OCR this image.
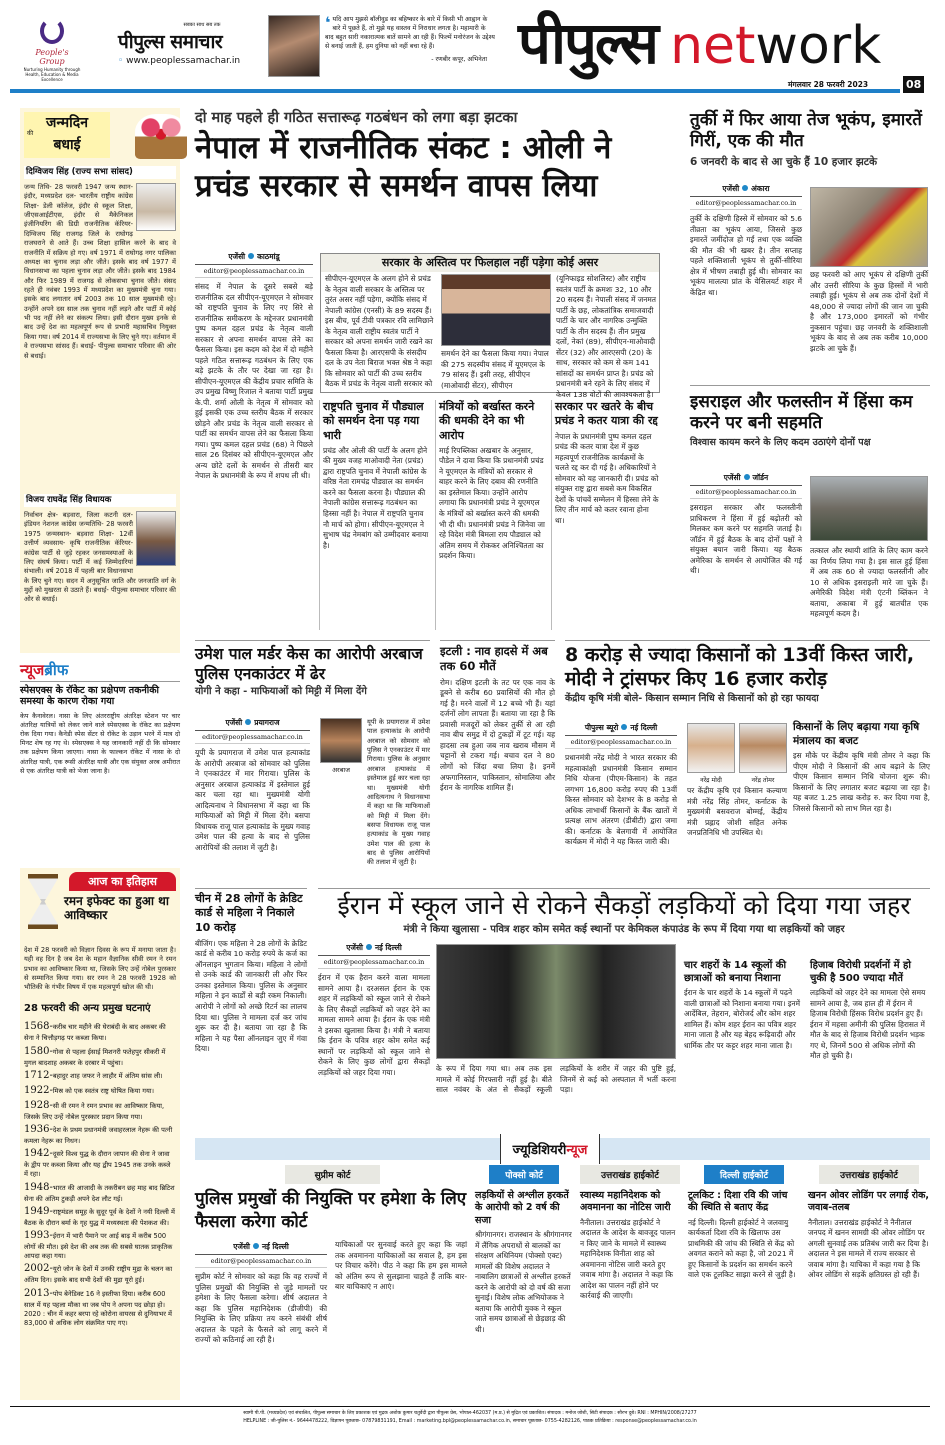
People's Group
Nurturing Humanity through Health, Education & Media Excellence
सबका साथ सब तक
पीपुल्स समाचार
◦ www.peoplessamachar.in
❛ यदि आप मुझसे बॉलीवुड का बहिष्कार के बारे में किसी भी आह्वान के बारे में पूछते हैं, तो मुझे यह वास्तव में निराधार लगता है। महामारी के बाद बहुत सारी नकारात्मक बातें सामने आ रही हैं। फिल्में मनोरंजन के उद्देश्य से बनाई जाती हैं, हम दुनिया को नहीं बचा रहे हैं।
- रणबीर कपूर, अभिनेता पीपुल्स network
मंगलवार 28 फरवरी 2023	08
जन्मदिन
की
बधाई
दिग्विजय सिंह (राज्य सभा सांसद)
जन्म तिथि- 28 फरवरी 1947 जन्म स्थान- इंदौर, मध्यप्रदेश दल- भारतीय राष्ट्रीय कांग्रेस शिक्षा- डेली कॉलेज, इंदौर से स्कूल शिक्षा, जीएसआईटीएस, इंदौर से मैकेनिकल इंजीनियरिंग की डिग्री राजनीतिक कॅरियर- दिग्विजय सिंह राजगढ़ जिले के राघोगढ़ राजघराने से आते हैं। उच्च शिक्षा हासिल करने के बाद वे राजनीति में सक्रिय हो गए। वर्ष 1971 में राघोगढ़ नगर पालिका अध्यक्ष का चुनाव लड़ा और जीते। इसके बाद वर्ष 1977 में विधानसभा का पहला चुनाव लड़ा और जीते। इसके बाद 1984 और फिर 1989 में राजगढ़ से लोकसभा चुनाव जीते। संसद रहते ही नवंबर 1993 में मध्यप्रदेश का मुख्यमंत्री चुना गया। इसके बाद लगातार वर्ष 2003 तक 10 साल मुख्यमंत्री रहे। उन्होंने अपने दस साल तक चुनाव नहीं लड़ने और पार्टी में कोई भी पद नहीं लेने का संकल्प लिया। इसी दौरान मुख्य इनके से बाद उन्हें देश का महत्वपूर्ण रूप से प्रभारी महासचिव नियुक्त किया गया। वर्ष 2014 में राज्यसभा के लिए चुने गए। वर्तमान में वे राज्यसभा सांसद हैं। बधाई- पीपुल्स समाचार परिवार की ओर से बधाई।
विजय राघवेंद्र सिंह विधायक
निर्वाचन क्षेत्र- बड़वारा, जिला कटनी दल- इंडियन नेशनल कांग्रेस जन्मतिथि- 28 फरवरी 1975 जन्मस्थान- बड़वारा शिक्षा- 12वीं उत्तीर्ण व्यवसाय- कृषि राजनीतिक कॅरियर- कांग्रेस पार्टी से जुड़े रहकर जनसमस्याओं के लिए संघर्ष किया। पार्टी में कई जिम्मेदारियां संभाली। वर्ष 2018 में पहली बार विधानसभा के लिए चुने गए। सदन में अनुसूचित जाति और जनजाति वर्ग के मुद्दों को मुखरता से उठाते हैं। बधाई- पीपुल्स समाचार परिवार की ओर से बधाई।
न्यूजब्रीफ
स्पेसएक्स के रॉकेट का प्रक्षेपण तकनीकी समस्या के कारण रोका गया
केप कैनावेरल। नासा के लिए अंतरराष्ट्रीय अंतरिक्ष स्टेशन पर चार अंतरिक्ष यात्रियों को लेकर जाने वाले स्पेसएक्स के रॉकेट का प्रक्षेपण रोक दिया गया। कैनेडी स्पेस सेंटर से रॉकेट के उड़ान भरने में मात्र दो मिनट शेष रह गए थे। स्पेसएक्स ने यह जानकारी नहीं दी कि सोमवार तक प्रक्षेपण किया जाएगा। नासा के फाल्कन रॉकेट में नासा के दो अंतरिक्ष यात्री, एक रूसी अंतरिक्ष यात्री और एक संयुक्त अरब अमीरात से एक अंतरिक्ष यात्री को भेजा जाना है।
आज का इतिहास
रमन इफेक्ट का हुआ था आविष्कार
देश में 28 फरवरी को विज्ञान दिवस के रूप में मनाया जाता है। यही वह दिन है जब देश के महान वैज्ञानिक सीवी रमन ने रमन प्रभाव का आविष्कार किया था, जिसके लिए उन्हें नोबेल पुरस्कार से सम्मानित किया गया। सर रमन ने 28 फरवरी 1928 को भौतिकी के गंभीर विषय में एक महत्वपूर्ण खोज की थी।
28 फरवरी की अन्य प्रमुख घटनाएं
1568-करीब चार महीने की घेराबंदी के बाद अकबर की सेना ने चित्तौड़गढ़ पर कब्जा किया।
1580-गोवा से पहला ईसाई मिशनरी फतेहपुर सीकरी में मुगल बादशाह अकबर के दरबार में पहुंचा।
1712-बहादुर शाह जफर ने लाहौर में अंतिम सांस ली।
1922-मिस्र को एक स्वतंत्र राष्ट्र घोषित किया गया।
1928-सी वी रमन ने रमन प्रभाव का आविष्कार किया, जिसके लिए उन्हें नोबेल पुरस्कार प्रदान किया गया।
1936-देश के प्रथम प्रधानमंत्री जवाहरलाल नेहरू की पत्नी कमला नेहरू का निधन।
1942-दूसरे विश्व युद्ध के दौरान जापान की सेना ने जावा के द्वीप पर कब्जा किया और यह द्वीप 1945 तक उनके कब्जे में रहा।
1948-भारत की आजादी के तकरीबन छह माह बाद ब्रिटिश सेना की अंतिम टुकड़ी अपने देश लौट गई।
1949-राष्ट्रमंडल समूह के सुदूर पूर्व के देशों ने नयी दिल्ली में बैठक के दौरान बर्मा के गृह युद्ध में मध्यस्थता की पेशकश की।
1993-ईरान में भारी पैमाने पर आई बाढ़ में करीब 500 लोगों की मौत। इसे देश की अब तक की सबसे घातक प्राकृतिक आपदा कहा गया।
2002-यूरो जोन के देशों में उनकी राष्ट्रीय मुद्रा के चलन का अंतिम दिन। इसके बाद सभी देशों की मुद्रा यूरो हुई।
2013-पोप बेनेडिक्ट 16 ने इस्तीफा दिया। करीब 600 साल में यह पहला मौका था जब पोप ने अपना पद छोड़ा हो। 2020 : चीन में कहर बरपा रहे कोरोना वायरस से दुनियाभर में 83,000 से अधिक लोग संक्रमित पाए गए।
दो माह पहले ही गठित सत्तारूढ़ गठबंधन को लगा बड़ा झटका
नेपाल में राजनीतिक संकट : ओली ने प्रचंड सरकार से समर्थन वापस लिया
एजेंसी काठमांडू
editor@peoplessamachar.co.in
संसद में नेपाल के दूसरे सबसे बड़े राजनीतिक दल सीपीएन-यूएमएल ने सोमवार को राष्ट्रपति चुनाव के लिए नए सिरे से राजनीतिक समीकरण के मद्देनजर प्रधानमंत्री पुष्प कमल दहल प्रचंड के नेतृत्व वाली सरकार से अपना समर्थन वापस लेने का फैसला किया। इस कदम को देश में दो महीने पहले गठित सत्तारूढ़ गठबंधन के लिए एक बड़े झटके के तौर पर देखा जा रहा है। सीपीएन-यूएमएल की केंद्रीय प्रचार समिति के उप प्रमुख विष्णु रिजाल ने बताया पार्टी प्रमुख के.पी. शर्मा ओली के नेतृत्व में सोमवार को हुई इसकी एक उच्च स्तरीय बैठक में सरकार छोड़ने और प्रचंड के नेतृत्व वाली सरकार से पार्टी का समर्थन वापस लेने का फैसला किया गया। पुष्प कमल दहल प्रचंड (68) ने पिछले साल 26 दिसंबर को सीपीएन-यूएमएल और अन्य छोटे दलों के समर्थन से तीसरी बार नेपाल के प्रधानमंत्री के रूप में शपथ ली थी।
सरकार के अस्तित्व पर फिलहाल नहीं पड़ेगा कोई असर
सीपीएन-यूएमएल के अलग होने से प्रचंड के नेतृत्व वाली सरकार के अस्तित्व पर तुरंत असर नहीं पड़ेगा, क्योंकि संसद में नेपाली कांग्रेस (एनसी) के 89 सदस्य हैं। इस बीच, पूर्व टीवी पत्रकार रवि लामिछाने के नेतृत्व वाली राष्ट्रीय स्वतंत्र पार्टी ने सरकार को अपना समर्थन जारी रखने का फैसला किया है। आरएसपी के संसदीय दल के उप नेता बिराज भक्त श्रेष्ठ ने कहा कि सोमवार को पार्टी की उच्च स्तरीय बैठक में प्रचंड के नेतृत्व वाली सरकार को
समर्थन देने का फैसला किया गया। नेपाल की 275 सदस्यीय संसद में यूएमएल के 79 सांसद हैं। इसी तरह, सीपीएन (माओवादी सेंटर), सीपीएन
(यूनिफाइड सोशलिस्ट) और राष्ट्रीय स्वतंत्र पार्टी के क्रमशः 32, 10 और 20 सदस्य हैं। नेपाली संसद में जनमत पार्टी के छह, लोकतांत्रिक समाजवादी पार्टी के चार और नागरिक उन्मुक्ति पार्टी के तीन सदस्य हैं। तीन प्रमुख दलों, नेकां (89), सीपीएन-माओवादी सेंटर (32) और आरएसपी (20) के साथ, सरकार को कम से कम 141 सांसदों का समर्थन प्राप्त है। प्रचंड को प्रधानमंत्री बने रहने के लिए संसद में केवल 138 वोटों की आवश्यकता है।
राष्ट्रपति चुनाव में पौड्याल को समर्थन देना पड़ गया भारी
प्रचंड और ओली की पार्टी के अलग होने की मुख्य वजह माओवादी नेता (प्रचंड) द्वारा राष्ट्रपति चुनाव में नेपाली कांग्रेस के वरिष्ठ नेता रामचंद्र पौड्याल का समर्थन करने का फैसला करना है। पौड्याल की नेपाली कांग्रेस सत्तारूढ़ गठबंधन का हिस्सा नहीं है। नेपाल में राष्ट्रपति चुनाव नौ मार्च को होगा। सीपीएन-यूएमएल ने सुभाष चंद्र नेमबांग को उम्मीदवार बनाया है।
मंत्रियों को बर्खास्त करने की धमकी देने का भी आरोप
माई रिपब्लिका अखबार के अनुसार, पौडेल ने दावा किया कि प्रधानमंत्री प्रचंड ने यूएमएल के मंत्रियों को सरकार से बाहर करने के लिए दबाव की रणनीति का इस्तेमाल किया। उन्होंने आरोप लगाया कि प्रधानमंत्री प्रचंड ने यूएमएल के मंत्रियों को बर्खास्त करने की धमकी भी दी थी। प्रधानमंत्री प्रचंड ने जिनेवा जा रहे विदेश मंत्री बिमला राय पौड्याल को अंतिम समय में रोककर अनिश्चितता का प्रदर्शन किया।
सरकार पर खतरे के बीच प्रचंड ने कतर यात्रा की रद्द
नेपाल के प्रधानमंत्री पुष्प कमल दहल प्रचंड की कतर यात्रा देश में कुछ महत्वपूर्ण राजनीतिक कार्यक्रमों के चलते रद्द कर दी गई है। अधिकारियों ने सोमवार को यह जानकारी दी। प्रचंड को संयुक्त राष्ट्र द्वारा सबसे कम विकसित देशों के पांचवें सम्मेलन में हिस्सा लेने के लिए तीन मार्च को कतर रवाना होना था।
तुर्की में फिर आया तेज भूकंप, इमारतें गिरीं, एक की मौत
6 जनवरी के बाद से आ चुके हैं 10 हजार झटके
एजेंसी अंकारा
editor@peoplessamachar.co.in
तुर्की के दक्षिणी हिस्से में सोमवार को 5.6 तीव्रता का भूकंप आया, जिससे कुछ इमारतें जमींदोज हो गईं तथा एक व्यक्ति की मौत की भी खबर है। तीन सप्ताह पहले शक्तिशाली भूकंप से तुर्की-सीरिया क्षेत्र में भीषण तबाही हुई थी। सोमवार का भूकंप मालत्या प्रांत के येसिलयर्ट शहर में केंद्रित था।
छह फरवरी को आए भूकंप से दक्षिणी तुर्की और उत्तरी सीरिया के कुछ हिस्सों में भारी तबाही हुई। भूकंप से अब तक दोनों देशों में 48,000 से ज्यादा लोगों की जान जा चुकी है और 173,000 इमारतों को गंभीर नुकसान पहुंचा। छह जनवरी के शक्तिशाली भूकंप के बाद से अब तक करीब 10,000 झटके आ चुके हैं।
इसराइल और फलस्तीन में हिंसा कम करने पर बनी सहमति
विश्वास कायम करने के लिए कदम उठाएंगे दोनों पक्ष
एजेंसी जॉर्डन
editor@peoplessamachar.co.in
इसराइल सरकार और फलस्तीनी प्राधिकरण ने हिंसा में हुई बढ़ोतरी को मिलकर कम करने पर सहमति जताई है। जॉर्डन में हुई बैठक के बाद दोनों पक्षों ने संयुक्त बयान जारी किया। यह बैठक अमेरिका के समर्थन से आयोजित की गई थी।
तत्काल और स्थायी शांति के लिए काम करने का निर्णय लिया गया है। इस साल हुई हिंसा में अब तक 60 से ज्यादा फलस्तीनी और 10 से अधिक इसराइली मारे जा चुके हैं। अमेरिकी विदेश मंत्री एंटनी ब्लिंकन ने बताया, अकाबा में हुई बातचीत एक महत्वपूर्ण कदम है।
उमेश पाल मर्डर केस का आरोपी अरबाज पुलिस एनकाउंटर में ढेर
योगी ने कहा - माफियाओं को मिट्टी में मिला देंगे
एजेंसी प्रयागराज
editor@peoplessamachar.co.in
यूपी के प्रयागराज में उमेश पाल हत्याकांड के आरोपी अरबाज को सोमवार को पुलिस ने एनकाउंटर में मार गिराया। पुलिस के अनुसार अरबाज हत्याकांड में इस्तेमाल हुई कार चला रहा था। मुख्यमंत्री योगी आदित्यनाथ ने विधानसभा में कहा था कि माफियाओं को मिट्टी में मिला देंगे। बसपा विधायक राजू पाल हत्याकांड के मुख्य गवाह उमेश पाल की हत्या के बाद से पुलिस आरोपियों की तलाश में जुटी है।
अरबाज
यूपी के प्रयागराज में उमेश पाल हत्याकांड के आरोपी अरबाज को सोमवार को पुलिस ने एनकाउंटर में मार गिराया। पुलिस के अनुसार अरबाज हत्याकांड में इस्तेमाल हुई कार चला रहा था। मुख्यमंत्री योगी आदित्यनाथ ने विधानसभा में कहा था कि माफियाओं को मिट्टी में मिला देंगे। बसपा विधायक राजू पाल हत्याकांड के मुख्य गवाह उमेश पाल की हत्या के बाद से पुलिस आरोपियों की तलाश में जुटी है।
इटली : नाव हादसे में अब तक 60 मौतें
रोम। दक्षिण इटली के तट पर एक नाव के डूबने से करीब 60 प्रवासियों की मौत हो गई है। मरने वालों में 12 बच्चे भी हैं। यहां दर्जनों लोग लापता हैं। बताया जा रहा है कि प्रवासी मजदूरों को लेकर तुर्की से आ रही नाव बीच समुद्र में दो टुकड़ों में टूट गई। यह हादसा तब हुआ जब नाव खराब मौसम में चट्टानों से टकरा गई। बचाव दल ने 80 लोगों को जिंदा बचा लिया है। इनमें अफगानिस्तान, पाकिस्तान, सोमालिया और ईरान के नागरिक शामिल हैं।
8 करोड़ से ज्यादा किसानों को 13वीं किस्त जारी, मोदी ने ट्रांसफर किए 16 हजार करोड़
केंद्रीय कृषि मंत्री बोले- किसान सम्मान निधि से किसानों को हो रहा फायदा
पीपुल्स ब्यूरो नई दिल्ली
editor@peoplessamachar.co.in
प्रधानमंत्री नरेंद्र मोदी ने भारत सरकार की महत्वाकांक्षी प्रधानमंत्री किसान सम्मान निधि योजना (पीएम-किसान) के तहत लगभग 16,800 करोड़ रुपए की 13वीं किस्त सोमवार को देशभर के 8 करोड़ से अधिक लाभार्थी किसानों के बैंक खातों में प्रत्यक्ष लाभ अंतरण (डीबीटी) द्वारा जमा की। कर्नाटक के बेलगावी में आयोजित कार्यक्रम में मोदी ने यह किस्त जारी की।
नरेंद्र मोदी	नरेंद्र तोमर
पर केंद्रीय कृषि एवं किसान कल्याण मंत्री नरेंद्र सिंह तोमर, कर्नाटक के मुख्यमंत्री बसवराज बोम्मई, केंद्रीय मंत्री प्रह्लाद जोशी सहित अनेक जनप्रतिनिधि भी उपस्थित थे।
किसानों के लिए बढ़ाया गया कृषि मंत्रालय का बजट
इस मौके पर केंद्रीय कृषि मंत्री तोमर ने कहा कि पीएम मोदी ने किसानों की आय बढ़ाने के लिए पीएम किसान सम्मान निधि योजना शुरू की। किसानों के लिए लगातार बजट बढ़ाया जा रहा है। यह बजट 1.25 लाख करोड़ रु. कर दिया गया है, जिससे किसानों को लाभ मिल रहा है।
चीन में 28 लोगों के क्रेडिट कार्ड से महिला ने निकाले 10 करोड़
बीजिंग। एक महिला ने 28 लोगों के क्रेडिट कार्ड से करीब 10 करोड़ रुपये के कर्ज का ऑनलाइन भुगतान किया। महिला ने लोगों से उनके कार्ड की जानकारी ली और फिर उनका इस्तेमाल किया। पुलिस के अनुसार महिला ने इन कार्डों से बड़ी रकम निकाली। आरोपी ने लोगों को अच्छे रिटर्न का लालच दिया था। पुलिस ने मामला दर्ज कर जांच शुरू कर दी है। बताया जा रहा है कि महिला ने यह पैसा ऑनलाइन जुए में गंवा दिया।
ईरान में स्कूल जाने से रोकने सैकड़ों लड़कियों को दिया गया जहर
मंत्री ने किया खुलासा - पवित्र शहर कोम समेत कई स्थानों पर केमिकल कंपाउंड के रूप में दिया गया था लड़कियों को जहर
एजेंसी नई दिल्ली
editor@peoplessamachar.co.in
ईरान में एक हैरान करने वाला मामला सामने आया है। दरअसल ईरान के एक शहर में लड़कियों को स्कूल जाने से रोकने के लिए सैकड़ों लड़कियों को जहर देने का मामला सामने आया है। ईरान के एक मंत्री ने इसका खुलासा किया है। मंत्री ने बताया कि ईरान के पवित्र शहर कोम समेत कई स्थानों पर लड़कियों को स्कूल जाने से रोकने के लिए कुछ लोगों द्वारा सैकड़ों लड़कियों को जहर दिया गया।	के रूप में दिया गया था। अब तक इस मामले में कोई गिरफ्तारी नहीं हुई है। बीते साल नवंबर के अंत से सैकड़ों स्कूली लड़कियों के शरीर में जहर की पुष्टि हुई, जिनमें से कई को अस्पताल में भर्ती करना पड़ा।
चार शहरों के 14 स्कूलों की छात्राओं को बनाया निशाना
ईरान के चार शहरों के 14 स्कूलों में पढ़ने वाली छात्राओं को निशाना बनाया गया। इनमें आर्देबिल, तेहरान, बोरोजर्द और कोम शहर शामिल हैं। कोम शहर ईरान का पवित्र शहर माना जाता है और यह बेहद रूढ़िवादी और धार्मिक तौर पर कट्टर शहर माना जाता है।
हिजाब विरोधी प्रदर्शनों में हो चुकी है 500 ज्यादा मौतें
लड़कियों को जहर देने का मामला ऐसे समय सामने आया है, जब हाल ही में ईरान में हिजाब विरोधी हिंसक विरोध प्रदर्शन हुए हैं। ईरान में महसा अमीनी की पुलिस हिरासत में मौत के बाद से हिजाब विरोधी प्रदर्शन भड़क गए थे, जिनमें 500 से अधिक लोगों की मौत हो चुकी है।
ज्यूडिशियरीन्यूज
सुप्रीम कोर्ट
पुलिस प्रमुखों की नियुक्ति पर हमेशा के लिए फैसला करेगा कोर्ट
एजेंसी नई दिल्ली
editor@peoplessamachar.co.in
सुप्रीम कोर्ट ने सोमवार को कहा कि वह राज्यों में पुलिस प्रमुखों की नियुक्ति से जुड़े मामलों पर हमेशा के लिए फैसला करेगा। शीर्ष अदालत ने कहा कि पुलिस महानिदेशक (डीजीपी) की नियुक्ति के लिए प्रक्रिया तय करने संबंधी शीर्ष अदालत के पहले के फैसले को लागू करने में राज्यों को कठिनाई आ रही है।
याचिकाओं पर सुनवाई करते हुए कहा कि जहां तक अवमानना याचिकाओं का सवाल है, हम इस पर विचार करेंगे। पीठ ने कहा कि हम इस मामले को अंतिम रूप से सुलझाना चाहते हैं ताकि बार-बार याचिकाएं न आएं।
पोक्सो कोर्ट
लड़कियों से अश्लील हरकतें के आरोपी को 2 वर्ष की सजा
श्रीगंगानगर। राजस्थान के श्रीगंगानगर में लैंगिक अपराधों से बालकों का संरक्षण अधिनियम (पोक्सो एक्ट) मामलों की विशेष अदालत ने नाबालिग छात्राओं से अश्लील हरकतें करने के आरोपी को दो वर्ष की सजा सुनाई। विशेष लोक अभियोजक ने बताया कि आरोपी युवक ने स्कूल जाते समय छात्राओं से छेड़छाड़ की थी।
उत्तराखंड हाईकोर्ट
स्वास्थ्य महानिदेशक को अवमानना का नोटिस जारी
नैनीताल। उत्तराखंड हाईकोर्ट ने अदालत के आदेश के बावजूद पालन न किए जाने के मामले में स्वास्थ्य महानिदेशक विनीता शाह को अवमानना नोटिस जारी करते हुए जवाब मांगा है। अदालत ने कहा कि आदेश का पालन नहीं होने पर कार्रवाई की जाएगी।
दिल्ली हाईकोर्ट
टूलकिट : दिशा रवि की जांच की स्थिति से बताए केंद्र
नई दिल्ली। दिल्ली हाईकोर्ट ने जलवायु कार्यकर्ता दिशा रवि के खिलाफ उस प्राथमिकी की जांच की स्थिति से केंद्र को अवगत कराने को कहा है, जो 2021 में हुए किसानों के प्रदर्शन का समर्थन करने वाले एक टूलकिट साझा करने से जुड़ी है।
उत्तराखंड हाईकोर्ट
खनन ओवर लोडिंग पर लगाई रोक, जवाब-तलब
नैनीताल। उत्तराखंड हाईकोर्ट ने नैनीताल जनपद में खनन सामग्री की ओवर लोडिंग पर अगली सुनवाई तक प्रतिबंध जारी कर दिया है। अदालत ने इस मामले में राज्य सरकार से जवाब मांगा है। याचिका में कहा गया है कि ओवर लोडिंग से सड़कें क्षतिग्रस्त हो रही हैं।
स्वामी पी.पी. (मध्यप्रदेश) एवं संचालित, पीपुल्स समाचार के लिए प्रकाशक एवं मुद्रक अशोक कुमार चतुर्वेदी द्वारा पीपुल्स प्रेस, भोपाल-462037 (म.प्र.) से मुद्रित एवं प्रकाशित। संपादक : मनोज जोशी, सिटी संपादक : सौरभ दुबे। RNI : MPHIN/2008/27277
HELPLINE : जी-पुलिस नं.- 9644478222, विज्ञापन पूछताछ- 07879831191, Email : marketing.bpl@peoplessamachar.co.in, समाचार पूछताछ- 0755-4282126, पाठक प्रतिक्रिया : response@peoplessamachar.co.in
